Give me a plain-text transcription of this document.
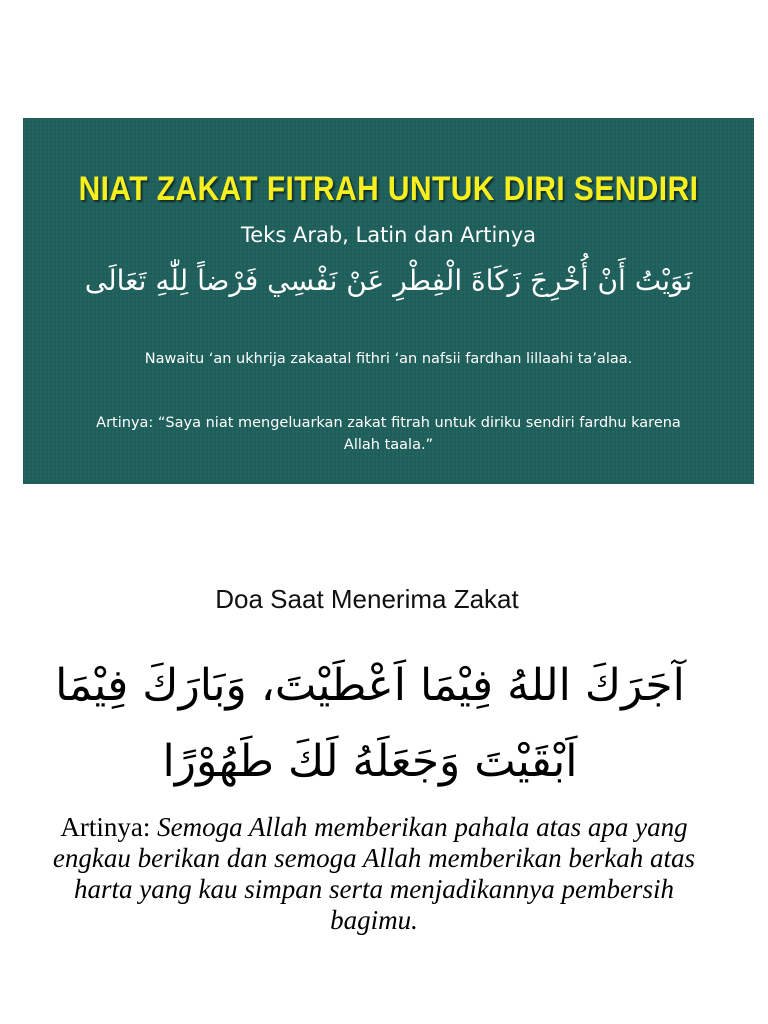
NIAT ZAKAT FITRAH UNTUK DIRI SENDIRI
Teks Arab, Latin dan Artinya
نَوَيْتُ أَنْ أُخْرِجَ زَكَاةَ الْفِطْرِ عَنْ نَفْسِي فَرْضاً لِلّٰهِ تَعَالَى
Nawaitu ‘an ukhrija zakaatal fithri ‘an nafsii fardhan lillaahi ta’alaa.
Artinya: “Saya niat mengeluarkan zakat fitrah untuk diriku sendiri fardhu karena Allah taala.”
Doa Saat Menerima Zakat
آجَرَكَ اللهُ فِيْمَا اَعْطَيْتَ، وَبَارَكَ فِيْمَا اَبْقَيْتَ وَجَعَلَهُ لَكَ طَهُوْرًا
Artinya: Semoga Allah memberikan pahala atas apa yang engkau berikan dan semoga Allah memberikan berkah atas harta yang kau simpan serta menjadikannya pembersih bagimu.
